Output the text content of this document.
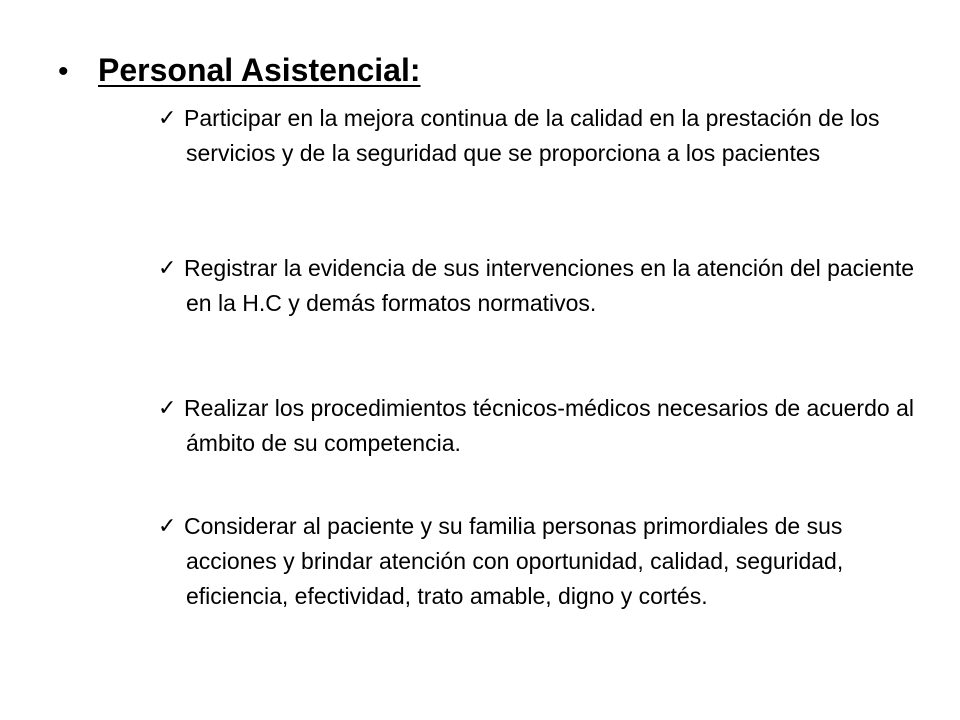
• Personal Asistencial:
✓ Participar en la mejora continua de la calidad en la prestación de los servicios y de la seguridad que se proporciona a los pacientes
✓ Registrar la evidencia de sus intervenciones en la atención del paciente en la H.C y demás formatos normativos.
✓ Realizar los procedimientos técnicos-médicos necesarios de acuerdo al ámbito de su competencia.
✓ Considerar al paciente y su familia personas primordiales de sus acciones y brindar atención con oportunidad, calidad, seguridad, eficiencia, efectividad, trato amable, digno y cortés.
